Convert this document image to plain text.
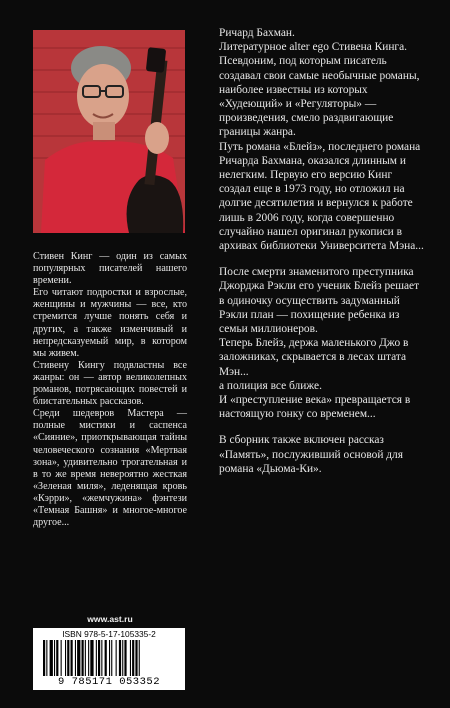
Стивен Кинг — один из самых популярных писателей нашего времени.

Его читают подростки и взрослые, женщины и мужчины — все, кто стремится лучше понять себя и других, а также изменчивый и непредсказуемый мир, в котором мы живем.

Стивену Кингу подвластны все жанры: он — автор великолепных романов, потрясающих повестей и блистательных рассказов.

Среди шедевров Мастера — полные мистики и саспенса «Сияние», приоткрывающая тайны человеческого сознания «Мертвая зона», удивительно трогательная и в то же время невероятно жесткая «Зеленая миля», леденящая кровь «Кэрри», «жемчужина» фэнтези «Темная Башня» и многое-многое другое...

Ричард Бахман.

Литературное alter ego Стивена Кинга. Псевдоним, под которым писатель создавал свои самые необычные романы, наиболее известны из которых «Худеющий» и «Регуляторы» — произведения, смело раздвигающие границы жанра.

Путь романа «Блейз», последнего романа Ричарда Бахмана, оказался длинным и нелегким. Первую его версию Кинг создал еще в 1973 году, но отложил на долгие десятилетия и вернулся к работе лишь в 2006 году, когда совершенно случайно нашел оригинал рукописи в архивах библиотеки Университета Мэна...

После смерти знаменитого преступника Джорджа Рэкли его ученик Блейз решает в одиночку осуществить задуманный Рэкли план — похищение ребенка из семьи миллионеров.

Теперь Блейз, держа маленького Джо в заложниках, скрывается в лесах штата Мэн...

а полиция все ближе.

И «преступление века» превращается в настоящую гонку со временем...

В сборник также включен рассказ «Память», послуживший основой для романа «Дьюма-Ки».

www.ast.ru
ISBN 978-5-17-105335-2
9 785171 053352
